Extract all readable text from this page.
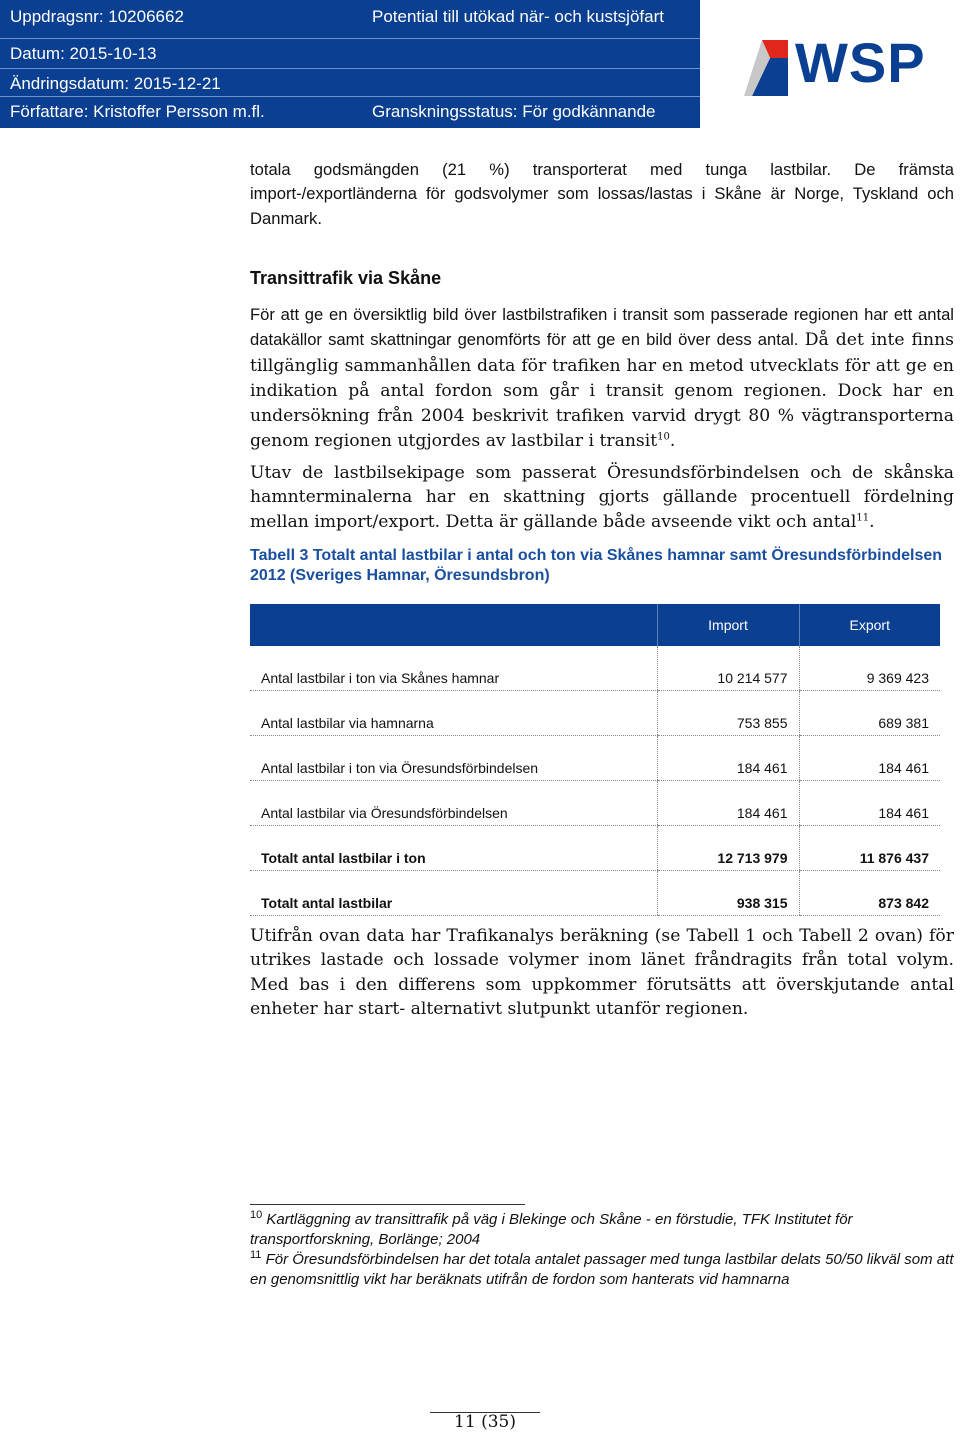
Uppdragsnr: 10206662	Potential till utökad när- och kustsjöfart
Datum: 2015-10-13
Ändringsdatum: 2015-12-21
Författare: Kristoffer Persson m.fl.	Granskningsstatus: För godkännande
WSP

totala godsmängden (21 %) transporterat med tunga lastbilar. De främsta import-/exportländerna för godsvolymer som lossas/lastas i Skåne är Norge, Tyskland och Danmark.

Transittrafik via Skåne

För att ge en översiktlig bild över lastbilstrafiken i transit som passerade regionen har ett antal datakällor samt skattningar genomförts för att ge en bild över dess antal. Då det inte finns tillgänglig sammanhållen data för trafiken har en metod utvecklats för att ge en indikation på antal fordon som går i transit genom regionen. Dock har en undersökning från 2004 beskrivit trafiken varvid drygt 80 % vägtransporterna genom regionen utgjordes av lastbilar i transit$^{10}$.

Utav de lastbilsekipage som passerat Öresundsförbindelsen och de skånska hamnterminalerna har en skattning gjorts gällande procentuell fördelning mellan import/export. Detta är gällande både avseende vikt och antal$^{11}$.

Tabell 3 Totalt antal lastbilar i antal och ton via Skånes hamnar samt Öresundsförbindelsen 2012 (Sveriges Hamnar, Öresundsbron)

	Import	Export
Antal lastbilar i ton via Skånes hamnar	10 214 577	9 369 423
Antal lastbilar via hamnarna	753 855	689 381
Antal lastbilar i ton via Öresundsförbindelsen	184 461	184 461
Antal lastbilar via Öresundsförbindelsen	184 461	184 461
Totalt antal lastbilar i ton	12 713 979	11 876 437
Totalt antal lastbilar	938 315	873 842

Utifrån ovan data har Trafikanalys beräkning (se Tabell 1 och Tabell 2 ovan) för utrikes lastade och lossade volymer inom länet fråndragits från total volym. Med bas i den differens som uppkommer förutsätts att överskjutande antal enheter har start- alternativt slutpunkt utanför regionen.

$^{10}$ Kartläggning av transittrafik på väg i Blekinge och Skåne - en förstudie, TFK Institutet för transportforskning, Borlänge; 2004
$^{11}$ För Öresundsförbindelsen har det totala antalet passager med tunga lastbilar delats 50/50 likväl som att en genomsnittlig vikt har beräknats utifrån de fordon som hanterats vid hamnarna
11 (35)
